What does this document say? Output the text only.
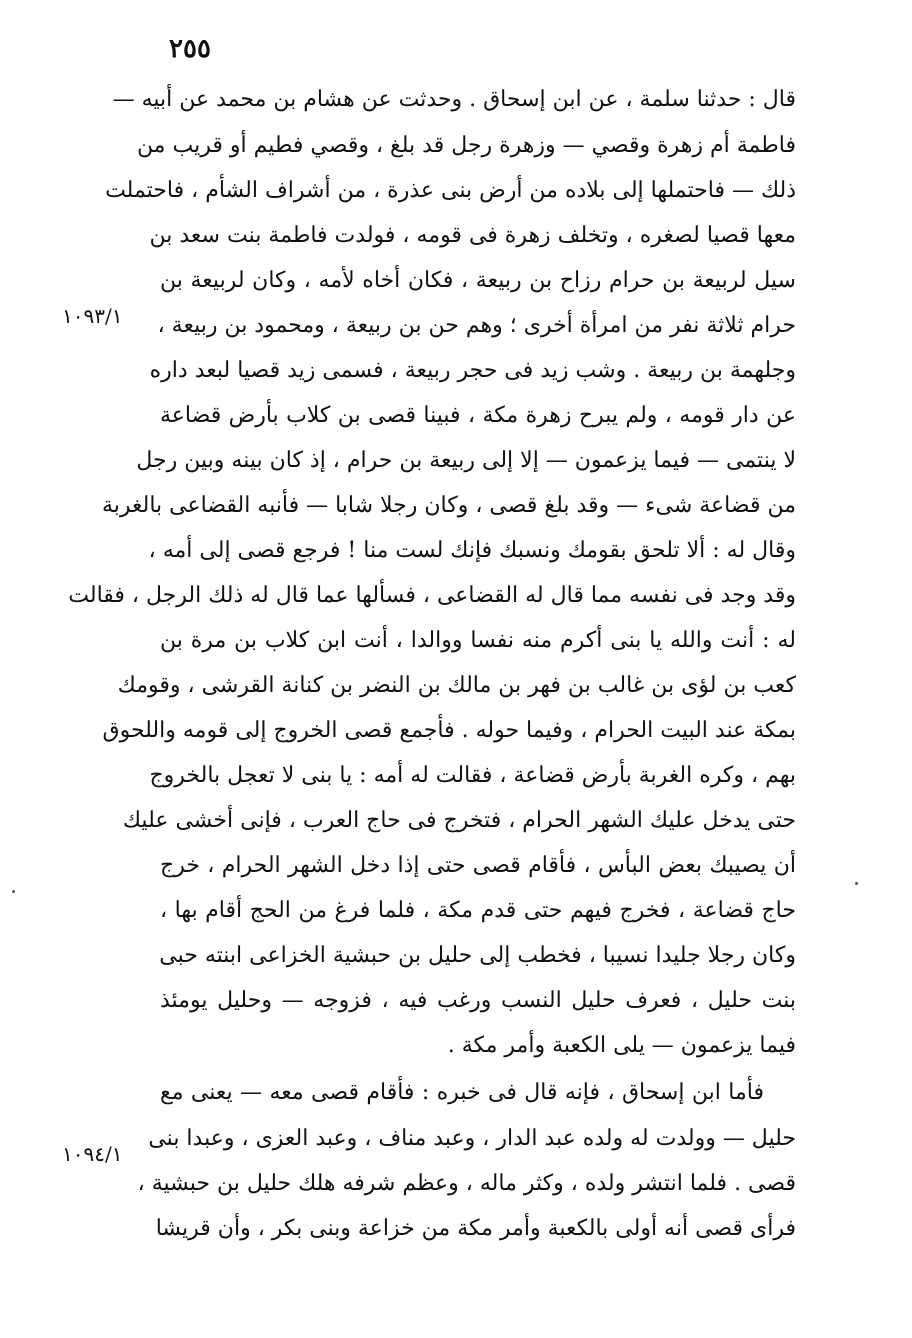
٢٥٥
١٠٩٣/١
١٠٩٤/١
قال : حدثنا سلمة ، عن ابن إسحاق . وحدثت عن هشام بن محمد عن أبيه —
فاطمة أم زهرة وقصي — وزهرة رجل قد بلغ ، وقصي فطيم أو قريب من
ذلك — فاحتملها إلى بلاده من أرض بنى عذرة ، من أشراف الشأم ، فاحتملت
معها قصيا لصغره ، وتخلف زهرة فى قومه ، فولدت فاطمة بنت سعد بن
سيل لربيعة بن حرام رزاح بن ربيعة ، فكان أخاه لأمه ، وكان لربيعة بن
حرام ثلاثة نفر من امرأة أخرى ؛ وهم حن بن ربيعة ، ومحمود بن ربيعة ،
وجلهمة بن ربيعة . وشب زيد فى حجر ربيعة ، فسمى زيد قصيا لبعد داره
عن دار قومه ، ولم يبرح زهرة مكة ، فبينا قصى بن كلاب بأرض قضاعة
لا ينتمى — فيما يزعمون — إلا إلى ربيعة بن حرام ، إذ كان بينه وبين رجل
من قضاعة شىء — وقد بلغ قصى ، وكان رجلا شابا — فأنبه القضاعى بالغربة
وقال له : ألا تلحق بقومك ونسبك فإنك لست منا ! فرجع قصى إلى أمه ،
وقد وجد فى نفسه مما قال له القضاعى ، فسألها عما قال له ذلك الرجل ، فقالت
له : أنت والله يا بنى أكرم منه نفسا ووالدا ، أنت ابن كلاب بن مرة بن
كعب بن لؤى بن غالب بن فهر بن مالك بن النضر بن كنانة القرشى ، وقومك
بمكة عند البيت الحرام ، وفيما حوله . فأجمع قصى الخروج إلى قومه واللحوق
بهم ، وكره الغربة بأرض قضاعة ، فقالت له أمه : يا بنى لا تعجل بالخروج
حتى يدخل عليك الشهر الحرام ، فتخرج فى حاج العرب ، فإنى أخشى عليك
أن يصيبك بعض البأس ، فأقام قصى حتى إذا دخل الشهر الحرام ، خرج
حاج قضاعة ، فخرج فيهم حتى قدم مكة ، فلما فرغ من الحج أقام بها ،
وكان رجلا جليدا نسيبا ، فخطب إلى حليل بن حبشية الخزاعى ابنته حبى
بنت حليل ، فعرف حليل النسب ورغب فيه ، فزوجه — وحليل يومئذ
فيما يزعمون — يلى الكعبة وأمر مكة .
فأما ابن إسحاق ، فإنه قال فى خبره : فأقام قصى معه — يعنى مع
حليل — وولدت له ولده عبد الدار ، وعبد مناف ، وعبد العزى ، وعبدا بنى
قصى . فلما انتشر ولده ، وكثر ماله ، وعظم شرفه هلك حليل بن حبشية ،
فرأى قصى أنه أولى بالكعبة وأمر مكة من خزاعة وبنى بكر ، وأن قريشا
